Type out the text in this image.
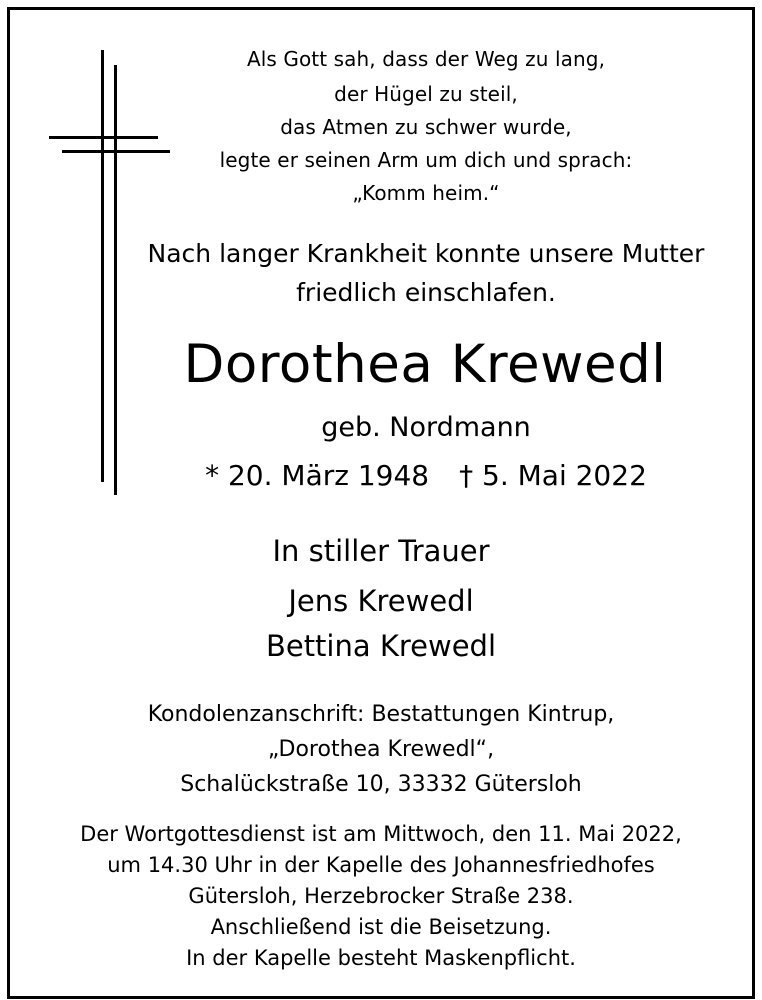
Als Gott sah, dass der Weg zu lang,
der Hügel zu steil,
das Atmen zu schwer wurde,
legte er seinen Arm um dich und sprach:
„Komm heim.“
Nach langer Krankheit konnte unsere Mutter
friedlich einschlafen.
Dorothea Krewedl
geb. Nordmann
* 20. März 1948 † 5. Mai 2022
In stiller Trauer
Jens Krewedl
Bettina Krewedl
Kondolenzanschrift: Bestattungen Kintrup,
„Dorothea Krewedl“,
Schalückstraße 10, 33332 Gütersloh
Der Wortgottesdienst ist am Mittwoch, den 11. Mai 2022,
um 14.30 Uhr in der Kapelle des Johannesfriedhofes
Gütersloh, Herzebrocker Straße 238.
Anschließend ist die Beisetzung.
In der Kapelle besteht Maskenpflicht.
